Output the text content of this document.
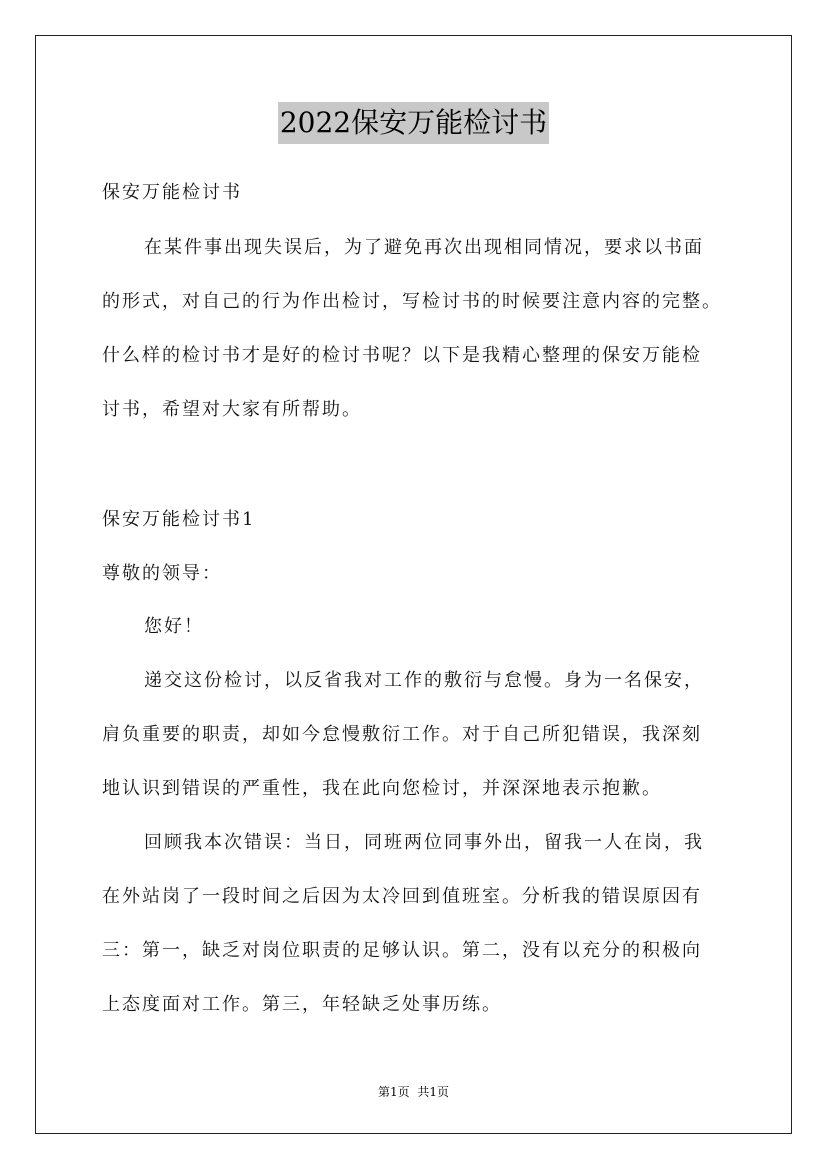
2022保安万能检讨书
保安万能检讨书
在某件事出现失误后，为了避免再次出现相同情况，要求以书面
的形式，对自己的行为作出检讨，写检讨书的时候要注意内容的完整。
什么样的检讨书才是好的检讨书呢？以下是我精心整理的保安万能检
讨书，希望对大家有所帮助。
保安万能检讨书1
尊敬的领导：
您好！
递交这份检讨，以反省我对工作的敷衍与怠慢。身为一名保安，
肩负重要的职责，却如今怠慢敷衍工作。对于自己所犯错误，我深刻
地认识到错误的严重性，我在此向您检讨，并深深地表示抱歉。
回顾我本次错误：当日，同班两位同事外出，留我一人在岗，我
在外站岗了一段时间之后因为太冷回到值班室。分析我的错误原因有
三：第一，缺乏对岗位职责的足够认识。第二，没有以充分的积极向
上态度面对工作。第三，年轻缺乏处事历练。
第1页 共1页
